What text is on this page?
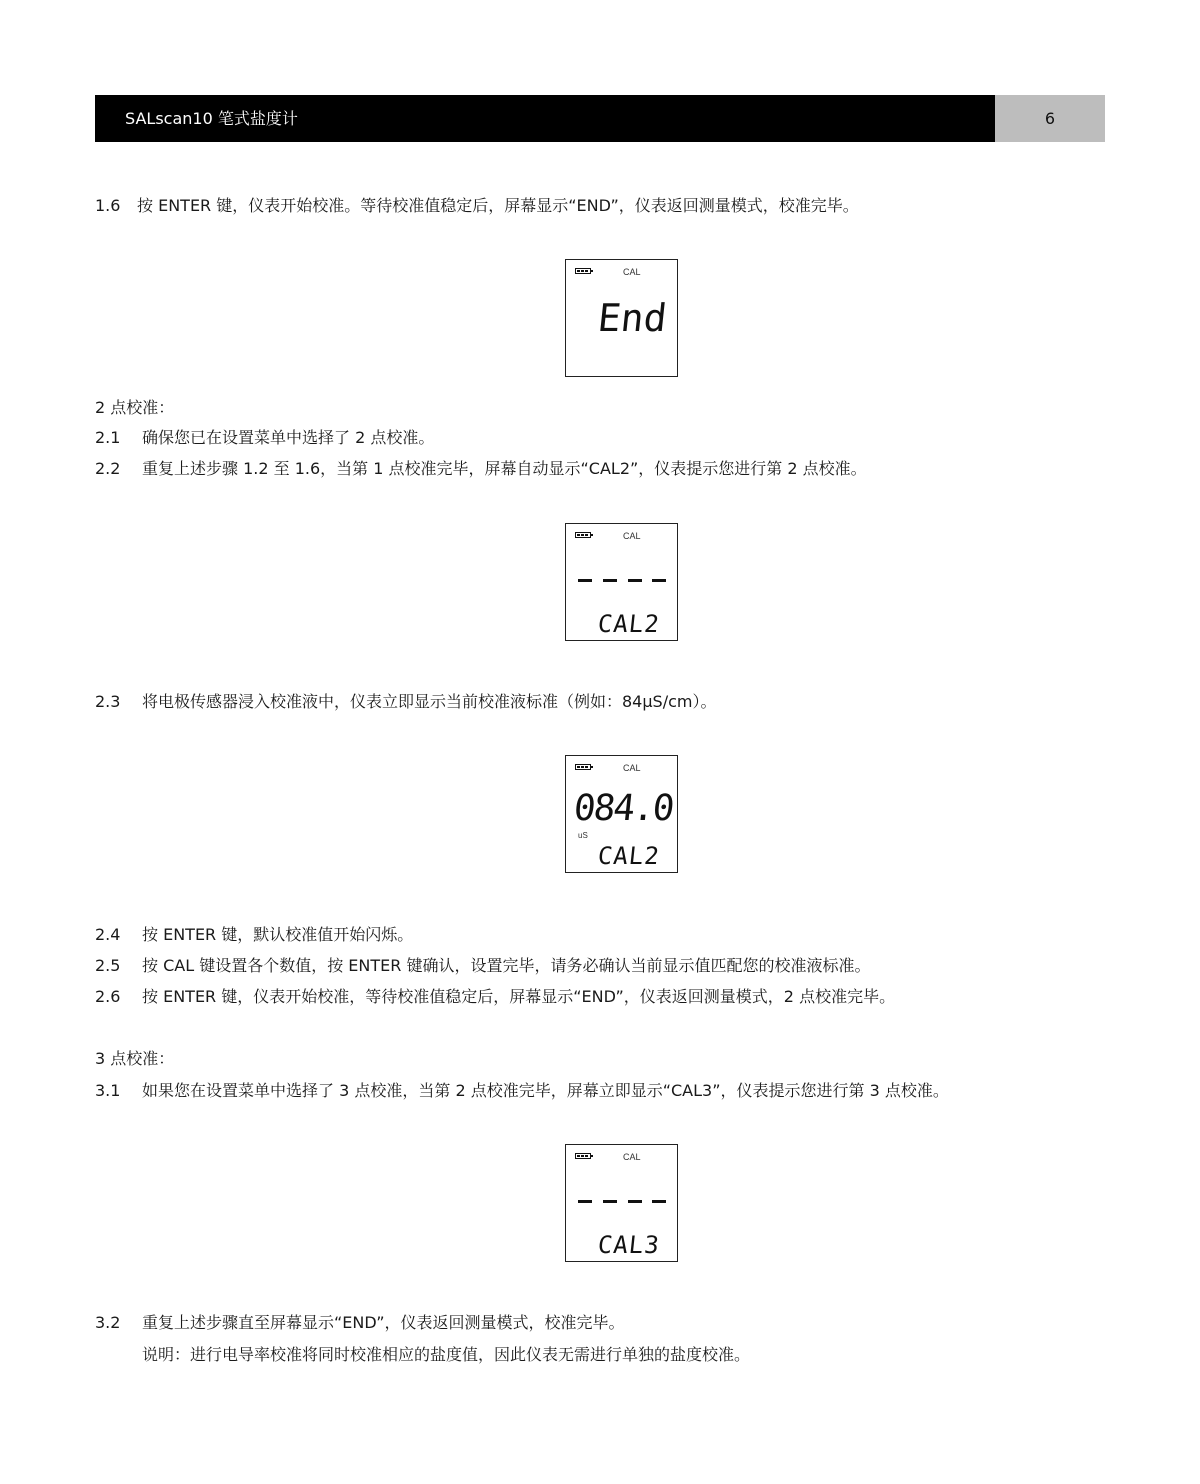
SALscan10 笔式盐度计	6
1.6 按 ENTER 键，仪表开始校准。等待校准值稳定后，屏幕显示“END”，仪表返回测量模式，校准完毕。
CAL
End
2 点校准：
2.1 确保您已在设置菜单中选择了 2 点校准。
2.2 重复上述步骤 1.2 至 1.6，当第 1 点校准完毕，屏幕自动显示“CAL2”，仪表提示您进行第 2 点校准。
CAL
CAL2
2.3 将电极传感器浸入校准液中，仪表立即显示当前校准液标准（例如：84μS/cm）。
CAL
084.0
uS
CAL2
2.4 按 ENTER 键，默认校准值开始闪烁。
2.5 按 CAL 键设置各个数值，按 ENTER 键确认，设置完毕，请务必确认当前显示值匹配您的校准液标准。
2.6 按 ENTER 键，仪表开始校准，等待校准值稳定后，屏幕显示“END”，仪表返回测量模式，2 点校准完毕。
3 点校准：
3.1 如果您在设置菜单中选择了 3 点校准，当第 2 点校准完毕，屏幕立即显示“CAL3”，仪表提示您进行第 3 点校准。
CAL
CAL3
3.2 重复上述步骤直至屏幕显示“END”，仪表返回测量模式，校准完毕。
说明：进行电导率校准将同时校准相应的盐度值，因此仪表无需进行单独的盐度校准。
